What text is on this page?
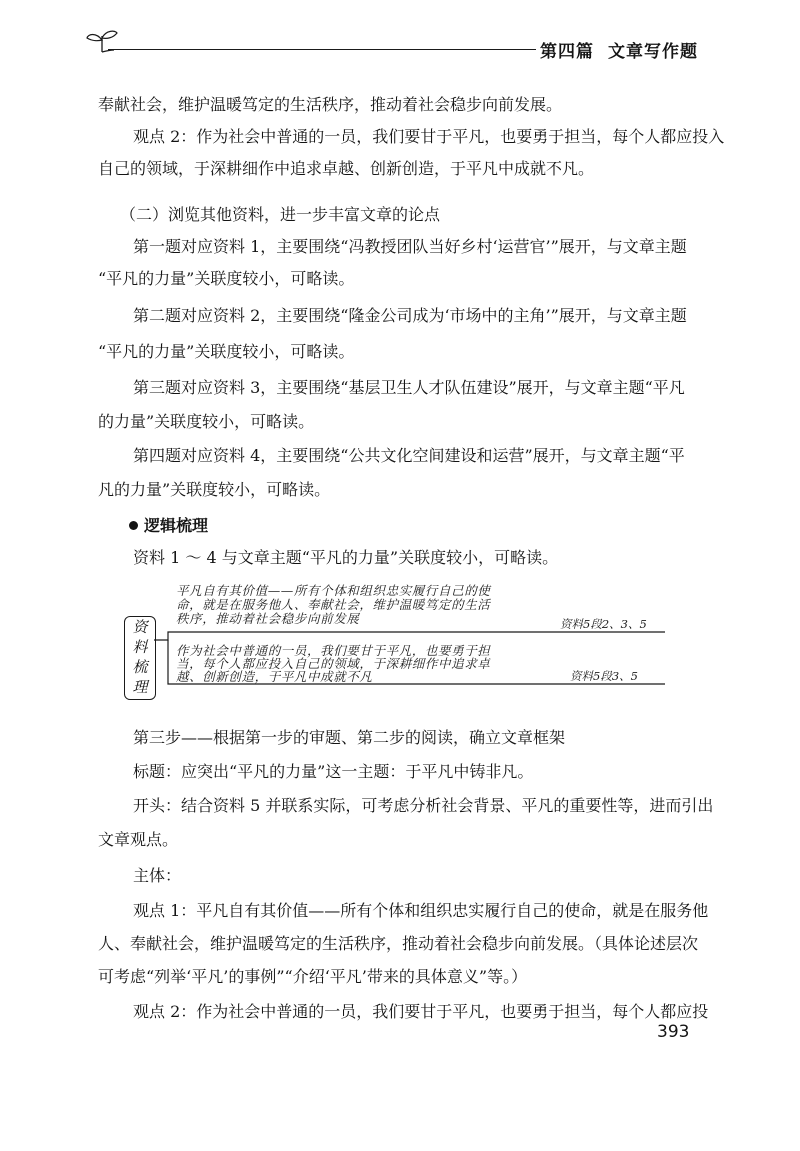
第四篇 文章写作题
奉献社会，维护温暖笃定的生活秩序，推动着社会稳步向前发展。
观点 2：作为社会中普通的一员，我们要甘于平凡，也要勇于担当，每个人都应投入
自己的领域，于深耕细作中追求卓越、创新创造，于平凡中成就不凡。
（二）浏览其他资料，进一步丰富文章的论点
第一题对应资料 1，主要围绕“冯教授团队当好乡村‘运营官’”展开，与文章主题
“平凡的力量”关联度较小，可略读。
第二题对应资料 2，主要围绕“隆金公司成为‘市场中的主角’”展开，与文章主题
“平凡的力量”关联度较小，可略读。
第三题对应资料 3，主要围绕“基层卫生人才队伍建设”展开，与文章主题“平凡
的力量”关联度较小，可略读。
第四题对应资料 4，主要围绕“公共文化空间建设和运营”展开，与文章主题“平
凡的力量”关联度较小，可略读。
逻辑梳理
资料 1 ～ 4 与文章主题“平凡的力量”关联度较小，可略读。
资
料
梳
理
平凡自有其价值——所有个体和组织忠实履行自己的使
命，就是在服务他人、奉献社会，维护温暖笃定的生活
秩序，推动着社会稳步向前发展	资料5段2、3、5
作为社会中普通的一员，我们要甘于平凡，也要勇于担
当，每个人都应投入自己的领域，于深耕细作中追求卓
越、创新创造，于平凡中成就不凡	资料5段3、5
第三步——根据第一步的审题、第二步的阅读，确立文章框架
标题：应突出“平凡的力量”这一主题：于平凡中铸非凡。
开头：结合资料 5 并联系实际，可考虑分析社会背景、平凡的重要性等，进而引出
文章观点。
主体：
观点 1：平凡自有其价值——所有个体和组织忠实履行自己的使命，就是在服务他
人、奉献社会，维护温暖笃定的生活秩序，推动着社会稳步向前发展。（具体论述层次
可考虑“列举‘平凡’的事例”“介绍‘平凡’带来的具体意义”等。）
观点 2：作为社会中普通的一员，我们要甘于平凡，也要勇于担当，每个人都应投
393
